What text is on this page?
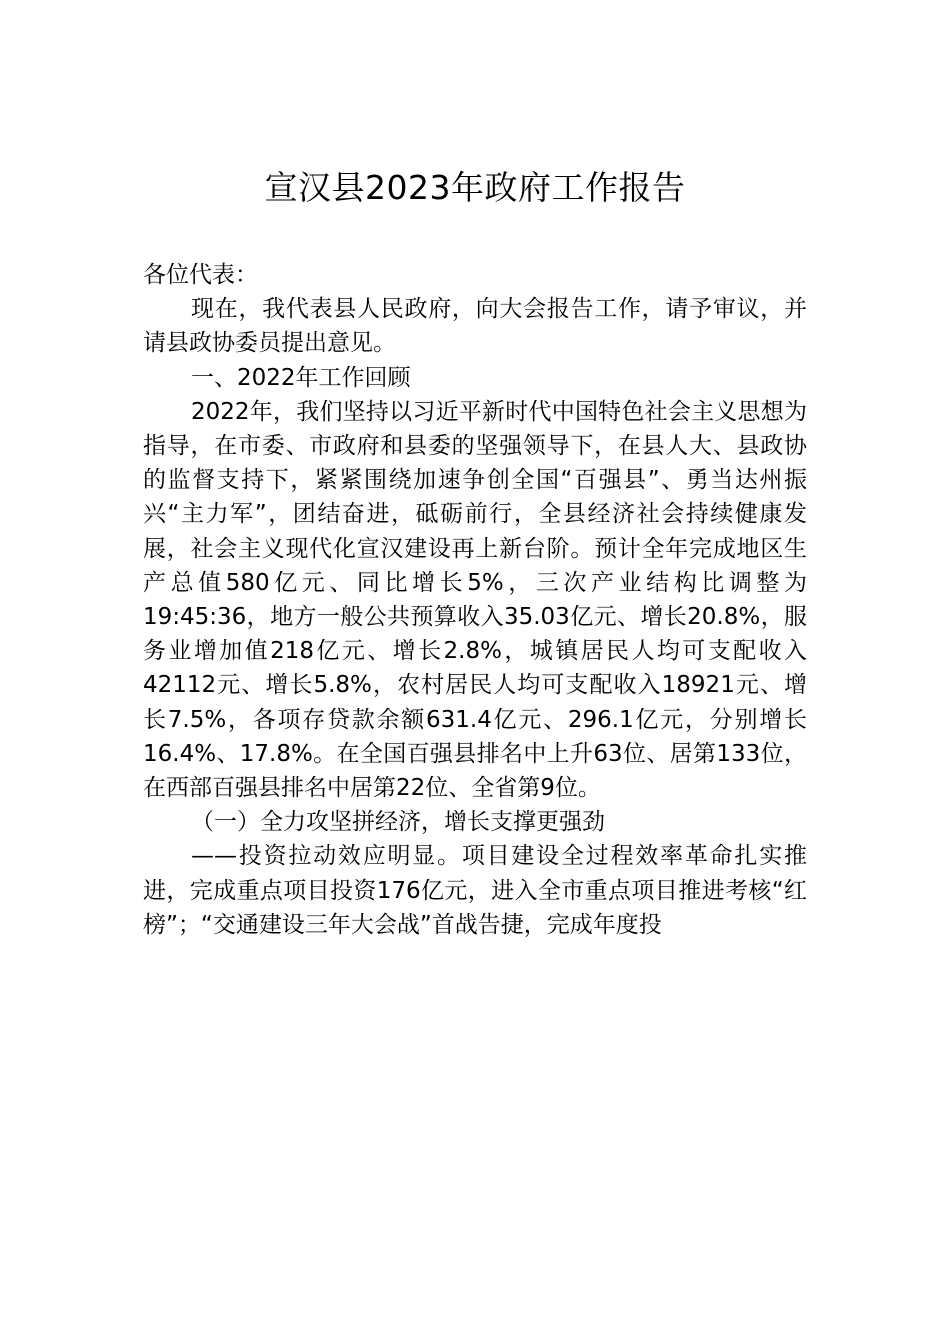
宣汉县2023年政府工作报告

各位代表：

现在，我代表县人民政府，向大会报告工作，请予审议，并请县政协委员提出意见。

一、2022年工作回顾

2022年，我们坚持以习近平新时代中国特色社会主义思想为指导，在市委、市政府和县委的坚强领导下，在县人大、县政协的监督支持下，紧紧围绕加速争创全国“百强县”、勇当达州振兴“主力军”，团结奋进，砥砺前行，全县经济社会持续健康发展，社会主义现代化宣汉建设再上新台阶。预计全年完成地区生产总值580亿元、同比增长5%，三次产业结构比调整为19:45:36，地方一般公共预算收入35.03亿元、增长20.8%，服务业增加值218亿元、增长2.8%，城镇居民人均可支配收入42112元、增长5.8%，农村居民人均可支配收入18921元、增长7.5%，各项存贷款余额631.4亿元、296.1亿元，分别增长16.4%、17.8%。在全国百强县排名中上升63位、居第133位，在西部百强县排名中居第22位、全省第9位。

（一）全力攻坚拼经济，增长支撑更强劲

——投资拉动效应明显。项目建设全过程效率革命扎实推进，完成重点项目投资176亿元，进入全市重点项目推进考核“红榜”；“交通建设三年大会战”首战告捷，完成年度投
